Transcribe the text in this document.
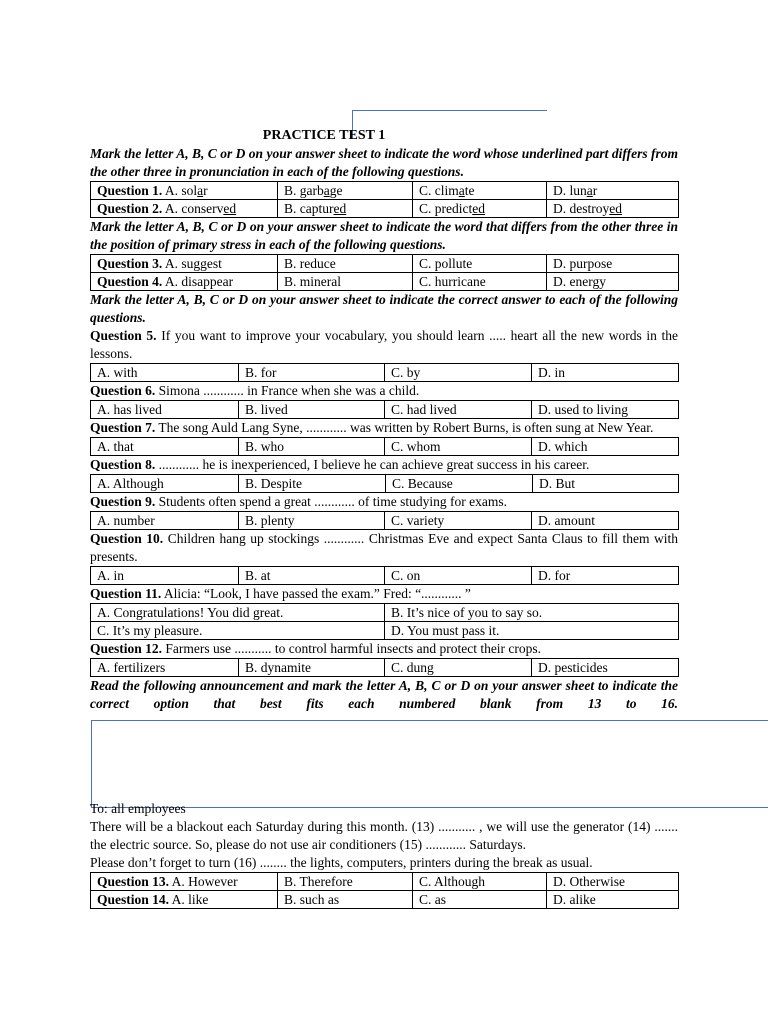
PRACTICE TEST 1
Mark the letter A, B, C or D on your answer sheet to indicate the word whose underlined part differs from the other three in pronunciation in each of the following questions.
Question 1. A. solar	B. garbage	C. climate	D. lunar
Question 2. A. conserved	B. captured	C. predicted	D. destroyed
Mark the letter A, B, C or D on your answer sheet to indicate the word that differs from the other three in the position of primary stress in each of the following questions.
Question 3. A. suggest	B. reduce	C. pollute	D. purpose
Question 4. A. disappear	B. mineral	C. hurricane	D. energy
Mark the letter A, B, C or D on your answer sheet to indicate the correct answer to each of the following questions.
Question 5. If you want to improve your vocabulary, you should learn ..... heart all the new words in the lessons.
A. with	B. for	C. by	D. in
Question 6. Simona ............ in France when she was a child.
A. has lived	B. lived	C. had lived	D. used to living
Question 7. The song Auld Lang Syne, ............ was written by Robert Burns, is often sung at New Year.
A. that	B. who	C. whom	D. which
Question 8. ............ he is inexperienced, I believe he can achieve great success in his career.
A. Although	B. Despite	C. Because	D. But
Question 9. Students often spend a great ............ of time studying for exams.
A. number	B. plenty	C. variety	D. amount
Question 10. Children hang up stockings ............ Christmas Eve and expect Santa Claus to fill them with presents.
A. in	B. at	C. on	D. for
Question 11. Alicia: “Look, I have passed the exam.” Fred: “............ ”
A. Congratulations! You did great.	B. It’s nice of you to say so.
C. It’s my pleasure.	D. You must pass it.
Question 12. Farmers use ........... to control harmful insects and protect their crops.
A. fertilizers	B. dynamite	C. dung	D. pesticides
Read the following announcement and mark the letter A, B, C or D on your answer sheet to indicate the correct option that best fits each numbered blank from 13 to 16.
To: all employees
There will be a blackout each Saturday during this month. (13) ........... , we will use the generator (14) ....... the electric source. So, please do not use air conditioners (15) ............ Saturdays.
Please don’t forget to turn (16) ........ the lights, computers, printers during the break as usual.
Question 13. A. However	B. Therefore	C. Although	D. Otherwise
Question 14. A. like	B. such as	C. as	D. alike
